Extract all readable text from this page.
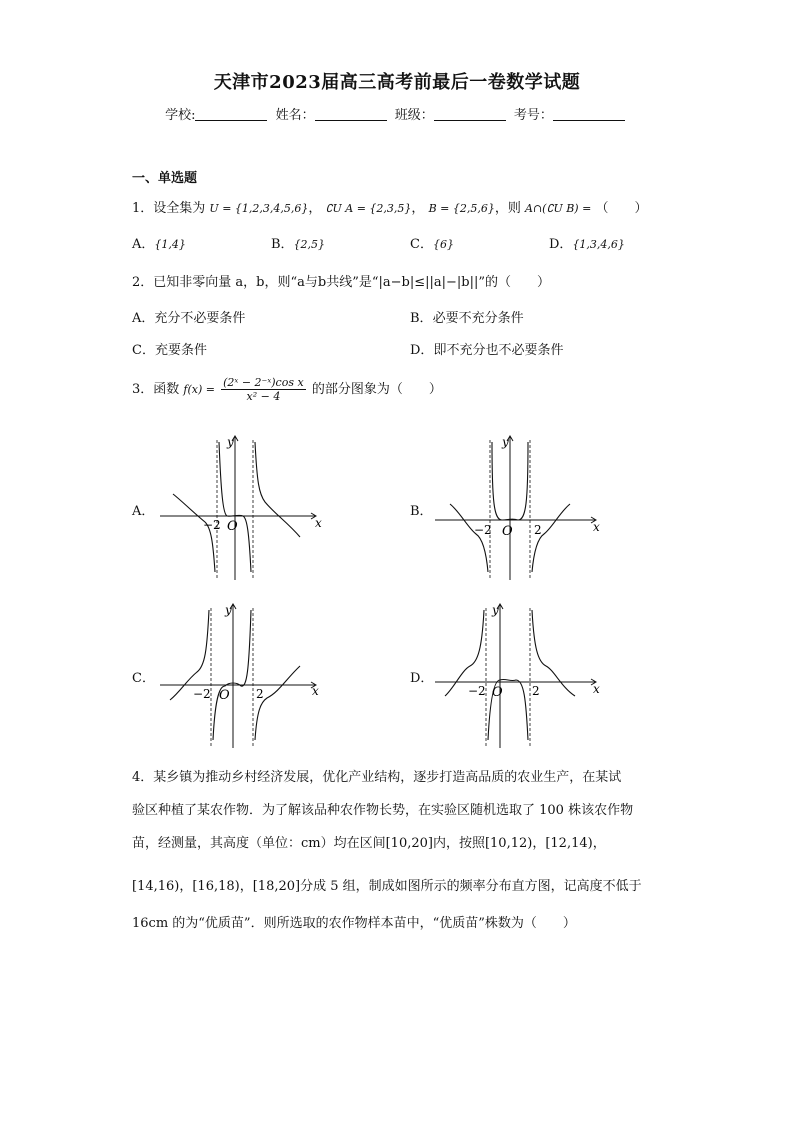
天津市2023届高三高考前最后一卷数学试题
学校:	姓名：	班级：	考号：
一、单选题
1．设全集为 U = {1,2,3,4,5,6}， ∁U A = {2,3,5}， B = {2,5,6}，则 A∩(∁U B) = （　　）
A．{1,4}	B．{2,5}	C．{6}	D．{1,3,4,6}
2．已知非零向量 a，b，则“a与b共线”是“|a−b|≤||a|−|b||”的（　　）
A．充分不必要条件	B．必要不充分条件
C．充要条件	D．即不充分也不必要条件
3．函数 $f(x) = \frac{\text{(2ˣ − 2⁻ˣ)cos x}}{\text{x² − 4}}$ 的部分图象为（　　）
A．
−2 O	x
y
B．
−2 O 2	x
y
C．
−2 O 2	x
y
D．
−2 O 2	x
y
4．某乡镇为推动乡村经济发展，优化产业结构，逐步打造高品质的农业生产，在某试
验区种植了某农作物．为了解该品种农作物长势，在实验区随机选取了 100 株该农作物
苗，经测量，其高度（单位：cm）均在区间[10,20]内，按照[10,12)，[12,14)，
[14,16)，[16,18)，[18,20]分成 5 组，制成如图所示的频率分布直方图，记高度不低于
16cm 的为“优质苗”．则所选取的农作物样本苗中，“优质苗”株数为（　　）
